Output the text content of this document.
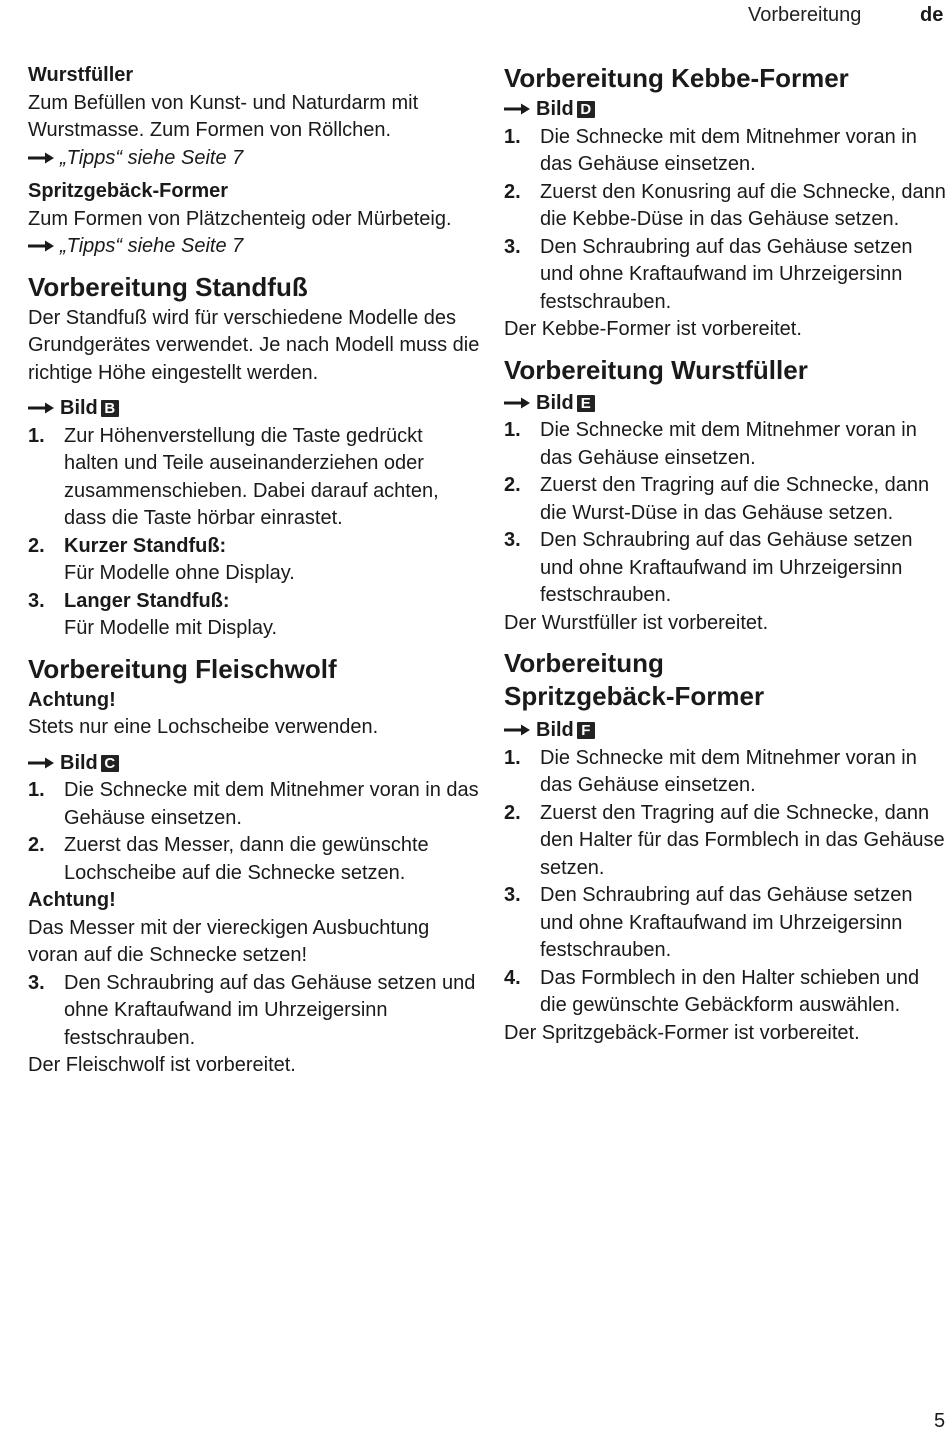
Vorbereitung	de

Wurstfüller

Zum Befüllen von Kunst- und Naturdarm mit Wurstmasse. Zum Formen von Röllchen.

„Tipps“ siehe Seite 7

Spritzgebäck-Former

Zum Formen von Plätzchenteig oder Mürbeteig. „Tipps“ siehe Seite 7

Vorbereitung Standfuß

Der Standfuß wird für verschiedene Modelle des Grundgerätes verwendet. Je nach Modell muss die richtige Höhe eingestellt werden.

Bild B

1. Zur Höhenverstellung die Taste gedrückt halten und Teile auseinanderziehen oder zusammenschieben. Dabei darauf achten, dass die Taste hörbar einrastet.
2. Kurzer Standfuß:
Für Modelle ohne Display.
3. Langer Standfuß:
Für Modelle mit Display.
Vorbereitung Fleischwolf

Achtung!

Stets nur eine Lochscheibe verwenden.

Bild C

1. Die Schnecke mit dem Mitnehmer voran in das Gehäuse einsetzen.
2. Zuerst das Messer, dann die gewünschte Lochscheibe auf die Schnecke setzen.

Achtung!

Das Messer mit der viereckigen Ausbuchtung voran auf die Schnecke setzen!

3. Den Schraubring auf das Gehäuse setzen und ohne Kraftaufwand im Uhrzeigersinn festschrauben.

Der Fleischwolf ist vorbereitet.

Vorbereitung Kebbe-Former

Bild D

1. Die Schnecke mit dem Mitnehmer voran in das Gehäuse einsetzen.
2. Zuerst den Konusring auf die Schnecke, dann die Kebbe-Düse in das Gehäuse setzen.
3. Den Schraubring auf das Gehäuse setzen und ohne Kraftaufwand im Uhrzeigersinn festschrauben.

Der Kebbe-Former ist vorbereitet.

Vorbereitung Wurstfüller

Bild E

1. Die Schnecke mit dem Mitnehmer voran in das Gehäuse einsetzen.
2. Zuerst den Tragring auf die Schnecke, dann die Wurst-Düse in das Gehäuse setzen.
3. Den Schraubring auf das Gehäuse setzen und ohne Kraftaufwand im Uhrzeigersinn festschrauben.

Der Wurstfüller ist vorbereitet.

Vorbereitung
Spritzgebäck-Former

Bild F

1. Die Schnecke mit dem Mitnehmer voran in das Gehäuse einsetzen.
2. Zuerst den Tragring auf die Schnecke, dann den Halter für das Formblech in das Gehäuse setzen.
3. Den Schraubring auf das Gehäuse setzen und ohne Kraftaufwand im Uhrzeigersinn festschrauben.
4. Das Formblech in den Halter schieben und die gewünschte Gebäckform auswählen.

Der Spritzgebäck-Former ist vorbereitet.

5
